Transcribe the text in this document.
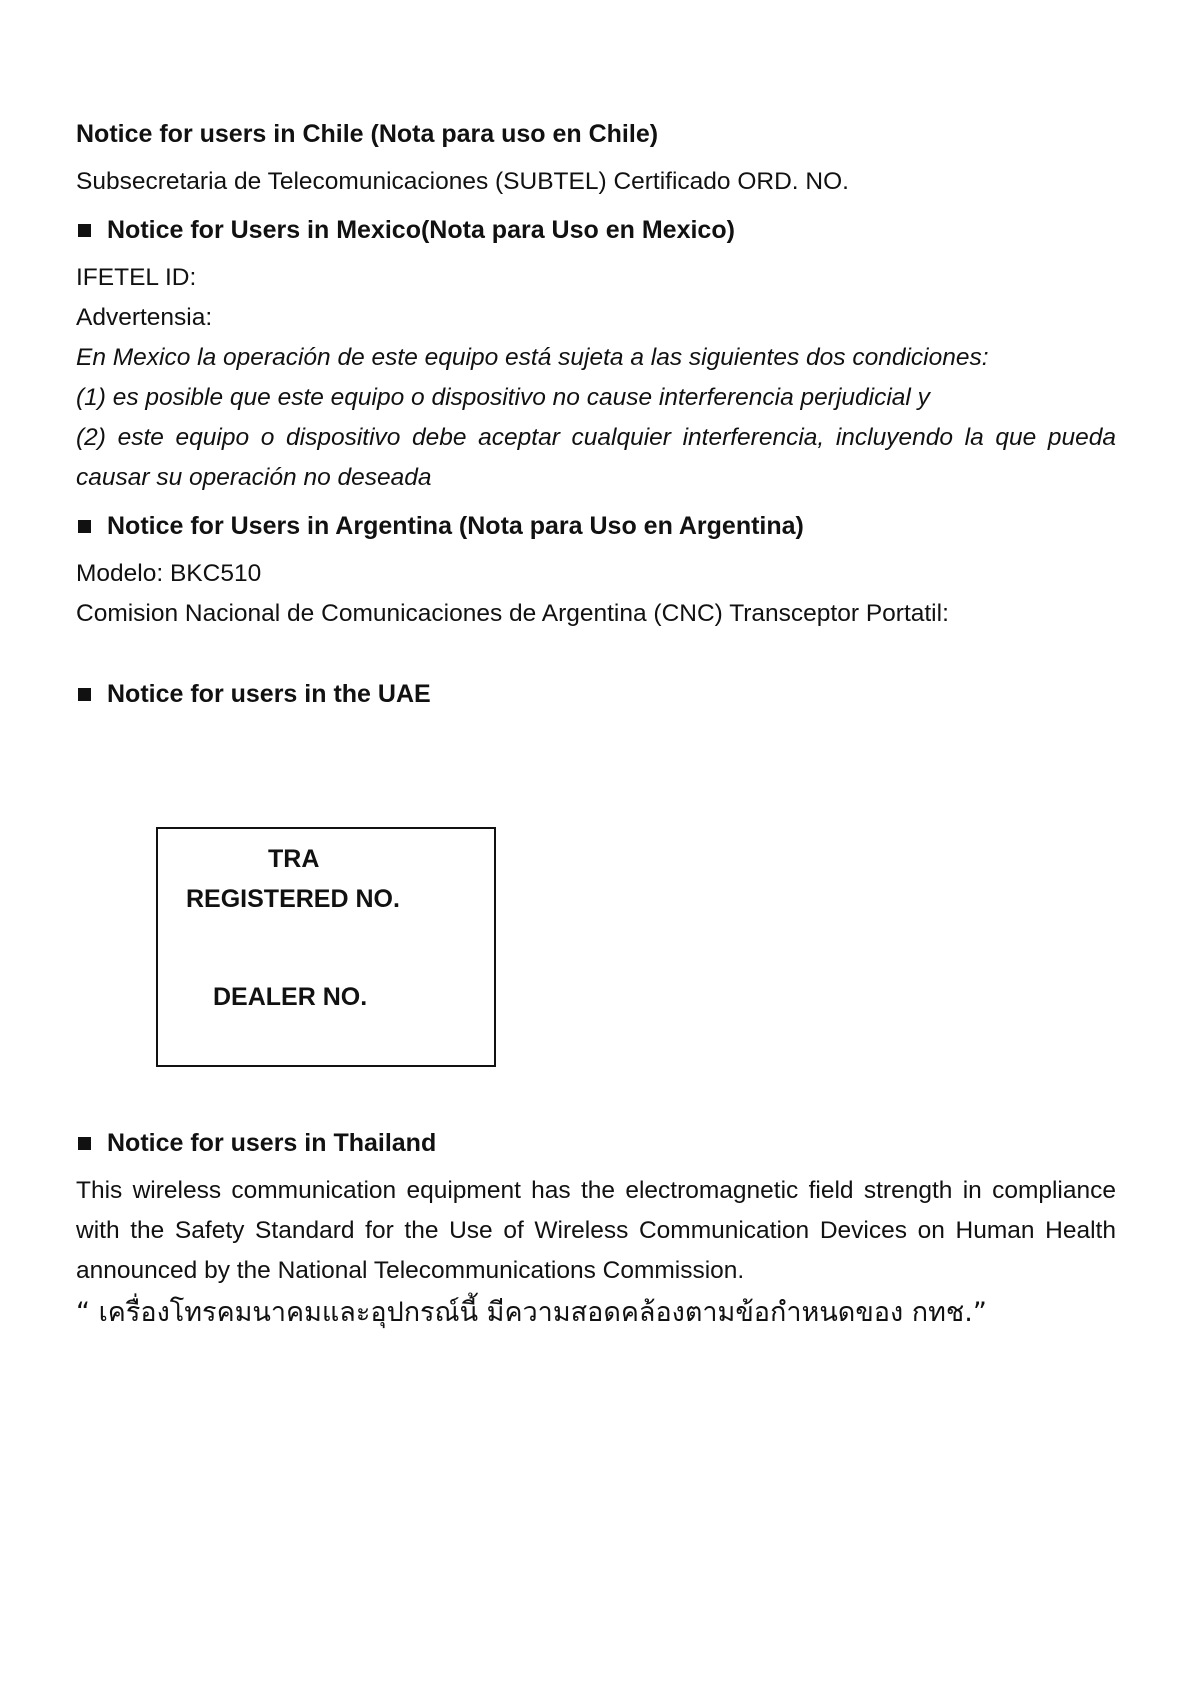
Notice for users in Chile (Nota para uso en Chile)

Subsecretaria de Telecomunicaciones (SUBTEL) Certificado ORD. NO.

Notice for Users in Mexico(Nota para Uso en Mexico)

IFETEL ID:

Advertensia:

En Mexico la operación de este equipo está sujeta a las siguientes dos condiciones:

(1) es posible que este equipo o dispositivo no cause interferencia perjudicial y

(2) este equipo o dispositivo debe aceptar cualquier interferencia, incluyendo la que pueda causar su operación no deseada

Notice for Users in Argentina (Nota para Uso en Argentina)

Modelo: BKC510

Comision Nacional de Comunicaciones de Argentina (CNC) Transceptor Portatil:

Notice for users in the UAE

TRA
REGISTERED NO.
DEALER NO.

Notice for users in Thailand

This wireless communication equipment has the electromagnetic field strength in compliance with the Safety Standard for the Use of Wireless Communication Devices on Human Health announced by the National Telecommunications Commission.

“ เครื่องโทรคมนาคมและอุปกรณ์นี้ มีความสอดคล้องตามข้อกำหนดของ กทช.”
